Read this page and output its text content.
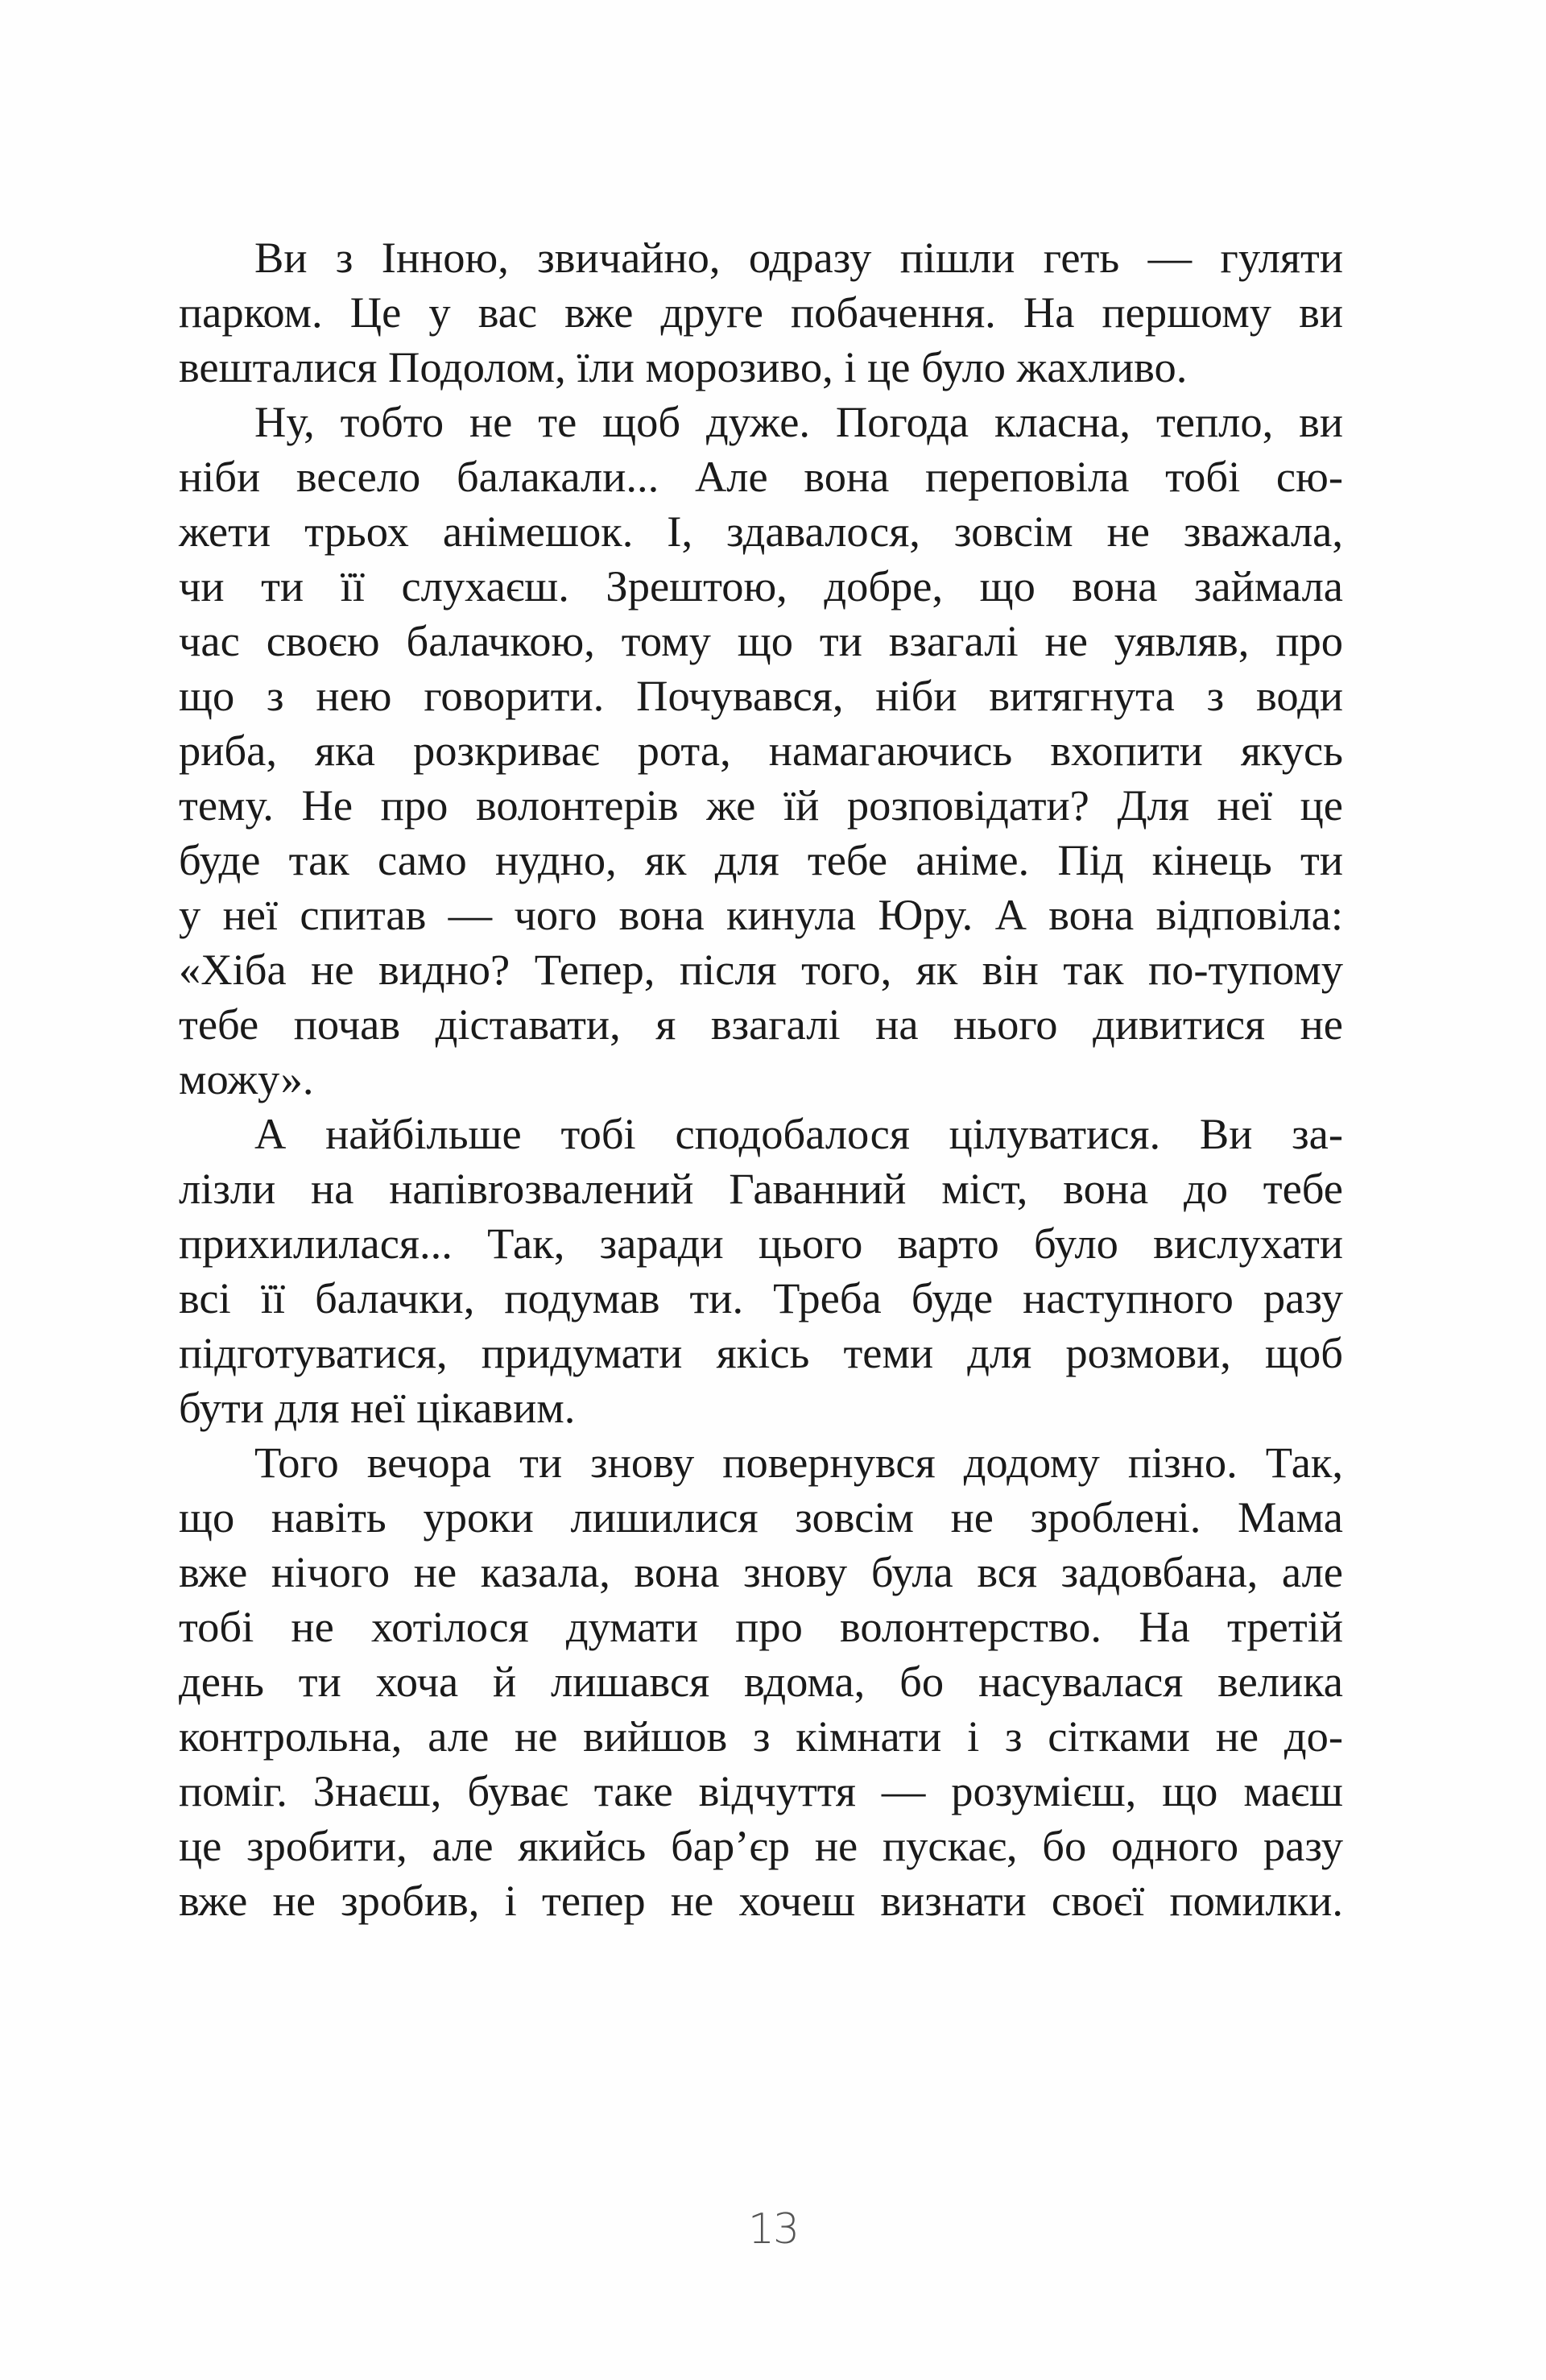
Ви з Інною, звичайно, одразу пішли геть — гуляти
парком. Це у вас вже друге побачення. На першому ви
вешталися Подолом, їли морозиво, і це було жахливо.
Ну, тобто не те щоб дуже. Погода класна, тепло, ви
ніби весело балакали... Але вона переповіла тобі сю-
жети трьох анімешок. І, здавалося, зовсім не зважала,
чи ти її слухаєш. Зрештою, добре, що вона займала
час своєю балачкою, тому що ти взагалі не уявляв, про
що з нею говорити. Почувався, ніби витягнута з води
риба, яка розкриває рота, намагаючись вхопити якусь
тему. Не про волонтерів же їй розповідати? Для неї це
буде так само нудно, як для тебе аніме. Під кінець ти
у неї спитав — чого вона кинула Юру. А вона відповіла:
«Хіба не видно? Тепер, після того, як він так по-тупому
тебе почав діставати, я взагалі на нього дивитися не
можу».
А найбільше тобі сподобалося цілуватися. Ви за-
лізли на напівrозвалений Гаванний міст, вона до тебе
прихилилася... Так, заради цього варто було вислухати
всі її балачки, подумав ти. Треба буде наступного разу
підготуватися, придумати якісь теми для розмови, щоб
бути для неї цікавим.
Того вечора ти знову повернувся додому пізно. Так,
що навіть уроки лишилися зовсім не зроблені. Мама
вже нічого не казала, вона знову була вся задовбана, але
тобі не хотілося думати про волонтерство. На третій
день ти хоча й лишався вдома, бо насувалася велика
контрольна, але не вийшов з кімнати і з сітками не до-
поміг. Знаєш, буває таке відчуття — розумієш, що маєш
це зробити, але якийсь бар’єр не пускає, бо одного разу
вже не зробив, і тепер не хочеш визнати своєї помилки.
13
